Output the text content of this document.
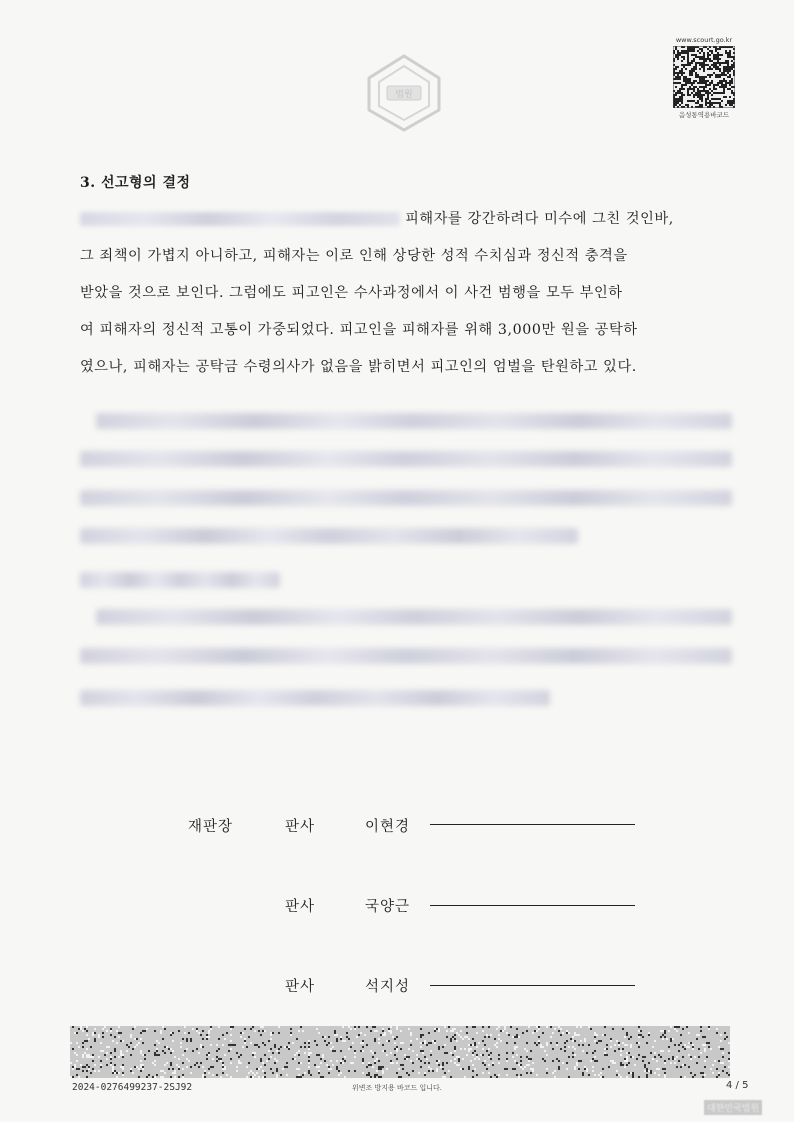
법원
www.scourt.go.kr
음성통역용바코드
3. 선고형의 결정
피해자를 강간하려다 미수에 그친 것인바,
그 죄책이 가볍지 아니하고, 피해자는 이로 인해 상당한 성적 수치심과 정신적 충격을
받았을 것으로 보인다. 그럼에도 피고인은 수사과정에서 이 사건 범행을 모두 부인하
여 피해자의 정신적 고통이 가중되었다. 피고인을 피해자를 위해 3,000만 원을 공탁하
였으나, 피해자는 공탁금 수령의사가 없음을 밝히면서 피고인의 엄벌을 탄원하고 있다.
재판장	판사	이현경
판사	국양근
판사	석지성
2024-0276499237-2SJ92	위변조 방지용 바코드 입니다.	4 / 5
대한민국법원
